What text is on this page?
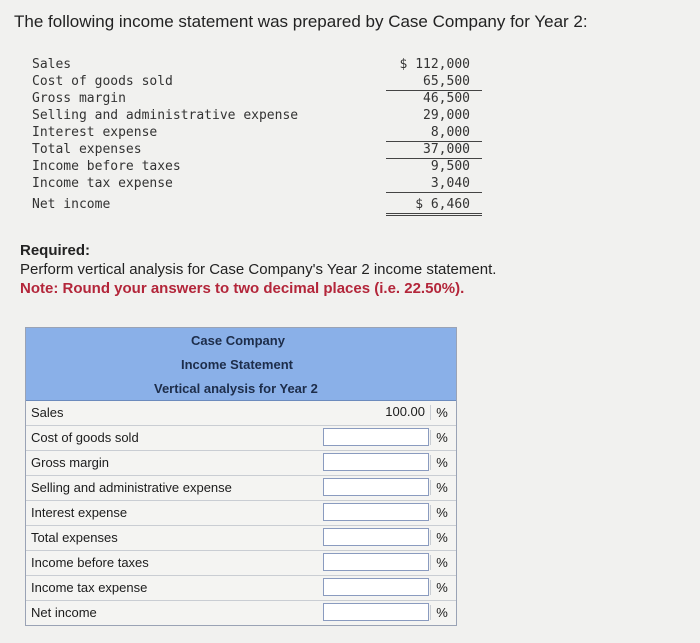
The following income statement was prepared by Case Company for Year 2:
Sales	$ 112,000
Cost of goods sold	65,500
Gross margin	46,500
Selling and administrative expense	29,000
Interest expense	8,000
Total expenses	37,000
Income before taxes	9,500
Income tax expense	3,040
Net income	$ 6,460
Required:
Perform vertical analysis for Case Company's Year 2 income statement.
Note: Round your answers to two decimal places (i.e. 22.50%).
Case Company
Income Statement
Vertical analysis for Year 2
Sales	100.00 %
Cost of goods sold	%
Gross margin	%
Selling and administrative expense	%
Interest expense	%
Total expenses	%
Income before taxes	%
Income tax expense	%
Net income	%
